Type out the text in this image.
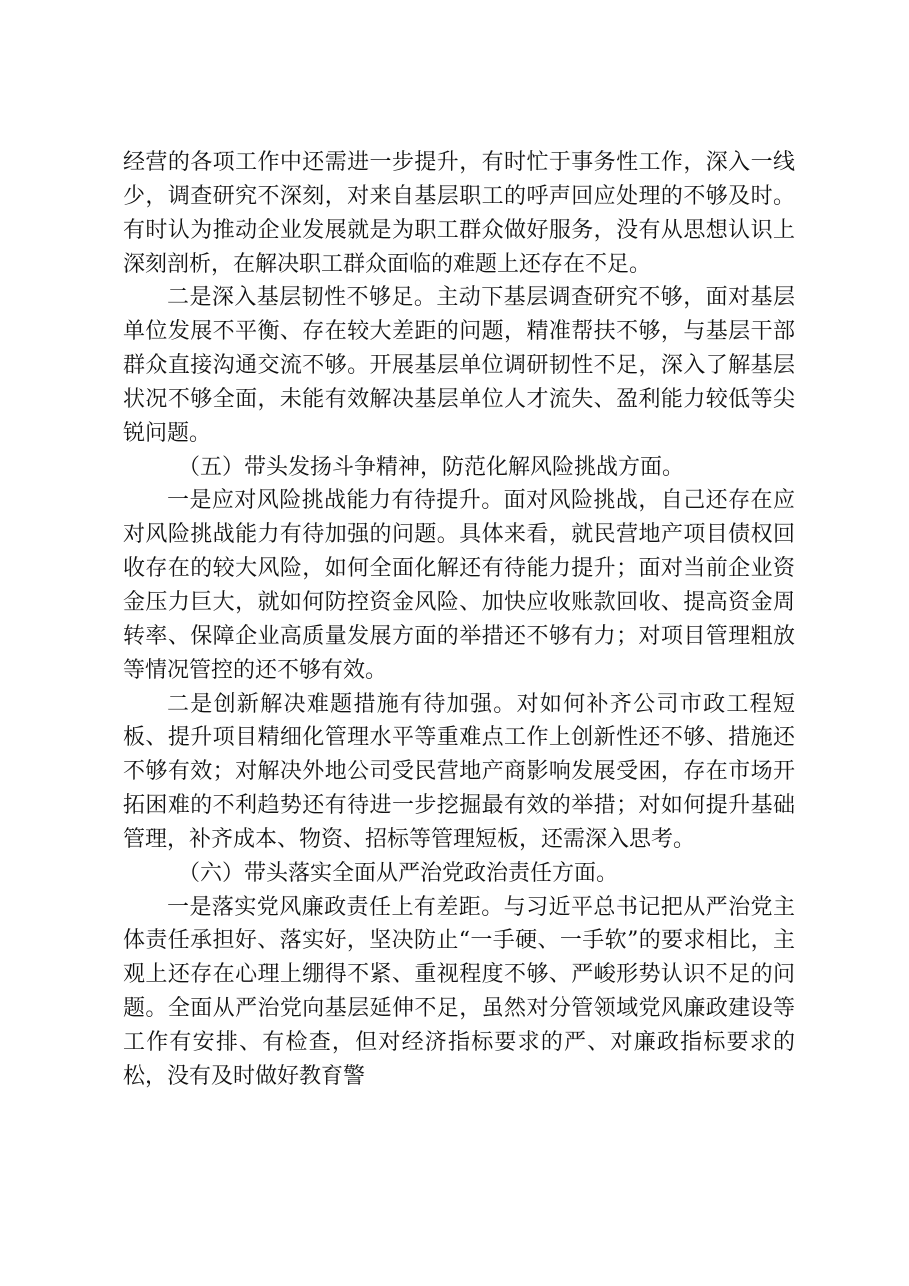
经营的各项工作中还需进一步提升，有时忙于事务性工作，深入一线少，调查研究不深刻，对来自基层职工的呼声回应处理的不够及时。有时认为推动企业发展就是为职工群众做好服务，没有从思想认识上深刻剖析，在解决职工群众面临的难题上还存在不足。

二是深入基层韧性不够足。主动下基层调查研究不够，面对基层单位发展不平衡、存在较大差距的问题，精准帮扶不够，与基层干部群众直接沟通交流不够。开展基层单位调研韧性不足，深入了解基层状况不够全面，未能有效解决基层单位人才流失、盈利能力较低等尖锐问题。

（五）带头发扬斗争精神，防范化解风险挑战方面。

一是应对风险挑战能力有待提升。面对风险挑战，自己还存在应对风险挑战能力有待加强的问题。具体来看，就民营地产项目债权回收存在的较大风险，如何全面化解还有待能力提升；面对当前企业资金压力巨大，就如何防控资金风险、加快应收账款回收、提高资金周转率、保障企业高质量发展方面的举措还不够有力；对项目管理粗放等情况管控的还不够有效。

二是创新解决难题措施有待加强。对如何补齐公司市政工程短板、提升项目精细化管理水平等重难点工作上创新性还不够、措施还不够有效；对解决外地公司受民营地产商影响发展受困，存在市场开拓困难的不利趋势还有待进一步挖掘最有效的举措；对如何提升基础管理，补齐成本、物资、招标等管理短板，还需深入思考。

（六）带头落实全面从严治党政治责任方面。

一是落实党风廉政责任上有差距。与习近平总书记把从严治党主体责任承担好、落实好，坚决防止“一手硬、一手软”的要求相比，主观上还存在心理上绷得不紧、重视程度不够、严峻形势认识不足的问题。全面从严治党向基层延伸不足，虽然对分管领域党风廉政建设等工作有安排、有检查，但对经济指标要求的严、对廉政指标要求的松，没有及时做好教育警
